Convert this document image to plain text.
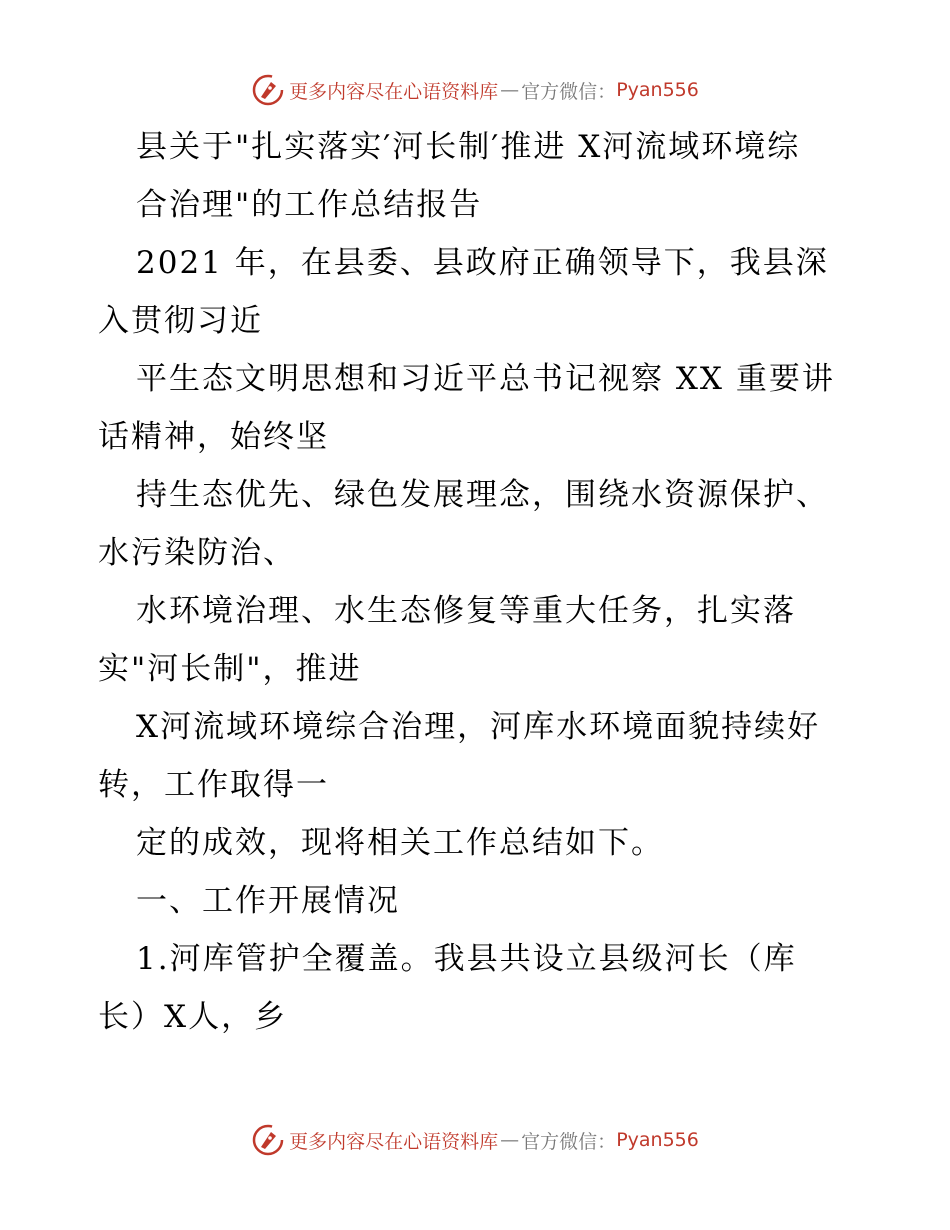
更多内容尽在心语资料库 — 官方微信： Pyan556
县关于"扎实落实′河长制′推进 X河流域环境综
合治理"的工作总结报告
2021 年，在县委、县政府正确领导下，我县深
入贯彻习近
平生态文明思想和习近平总书记视察 XX 重要讲
话精神，始终坚
持生态优先、绿色发展理念，围绕水资源保护、
水污染防治、
水环境治理、水生态修复等重大任务，扎实落
实"河长制"，推进
X河流域环境综合治理，河库水环境面貌持续好
转，工作取得一
定的成效，现将相关工作总结如下。
一、工作开展情况
1.河库管护全覆盖。我县共设立县级河长（库
长）X人，乡
更多内容尽在心语资料库 — 官方微信： Pyan556
